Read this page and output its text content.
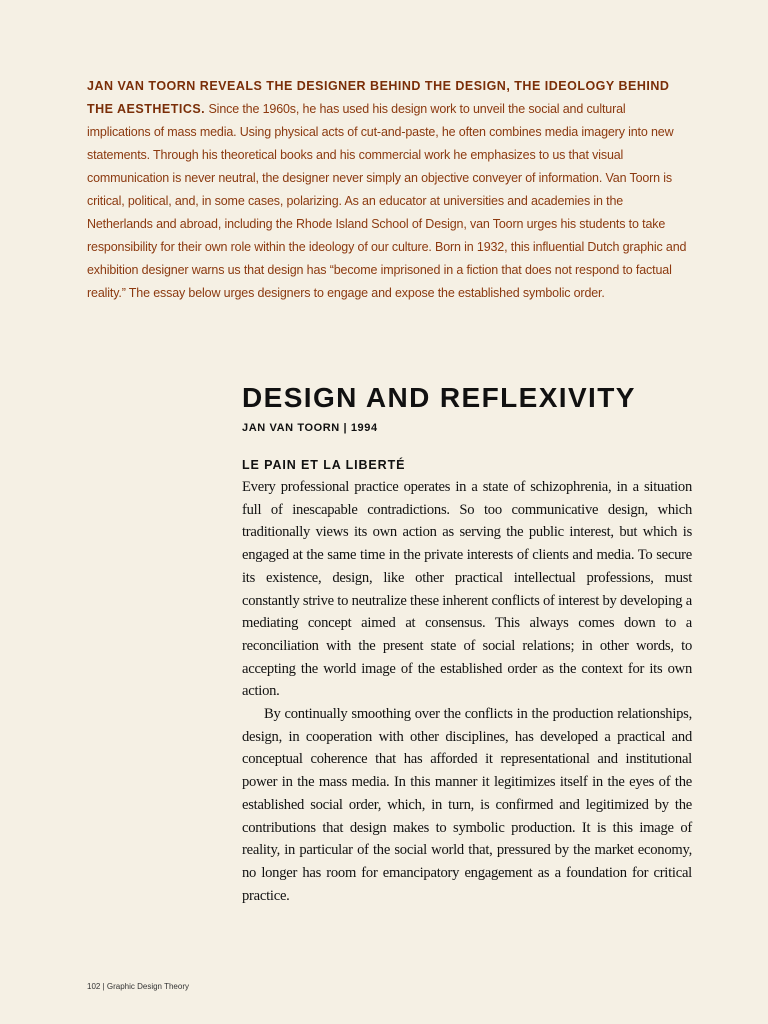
JAN VAN TOORN REVEALS THE DESIGNER BEHIND THE DESIGN, THE IDEOLOGY BEHIND THE AESTHETICS. Since the 1960s, he has used his design work to unveil the social and cultural implications of mass media. Using physical acts of cut-and-paste, he often combines media imagery into new statements. Through his theoretical books and his commercial work he emphasizes to us that visual communication is never neutral, the designer never simply an objective conveyer of information. Van Toorn is critical, political, and, in some cases, polarizing. As an educator at universities and academies in the Netherlands and abroad, including the Rhode Island School of Design, van Toorn urges his students to take responsibility for their own role within the ideology of our culture. Born in 1932, this influential Dutch graphic and exhibition designer warns us that design has “become imprisoned in a fiction that does not respond to factual reality.” The essay below urges designers to engage and expose the established symbolic order.
DESIGN AND REFLEXIVITY
JAN VAN TOORN | 1994
LE PAIN ET LA LIBERTÉ

Every professional practice operates in a state of schizophrenia, in a situation full of inescapable contradictions. So too communicative design, which traditionally views its own action as serving the public interest, but which is engaged at the same time in the private interests of clients and media. To secure its existence, design, like other practical intellectual professions, must constantly strive to neutralize these inherent conflicts of interest by developing a mediating concept aimed at consensus. This always comes down to a reconciliation with the present state of social relations; in other words, to accepting the world image of the established order as the context for its own action.

By continually smoothing over the conflicts in the production relationships, design, in cooperation with other disciplines, has developed a practical and conceptual coherence that has afforded it representational and institutional power in the mass media. In this manner it legitimizes itself in the eyes of the established social order, which, in turn, is confirmed and legitimized by the contributions that design makes to symbolic production. It is this image of reality, in particular of the social world that, pressured by the market economy, no longer has room for emancipatory engagement as a foundation for critical practice.

102 | Graphic Design Theory
